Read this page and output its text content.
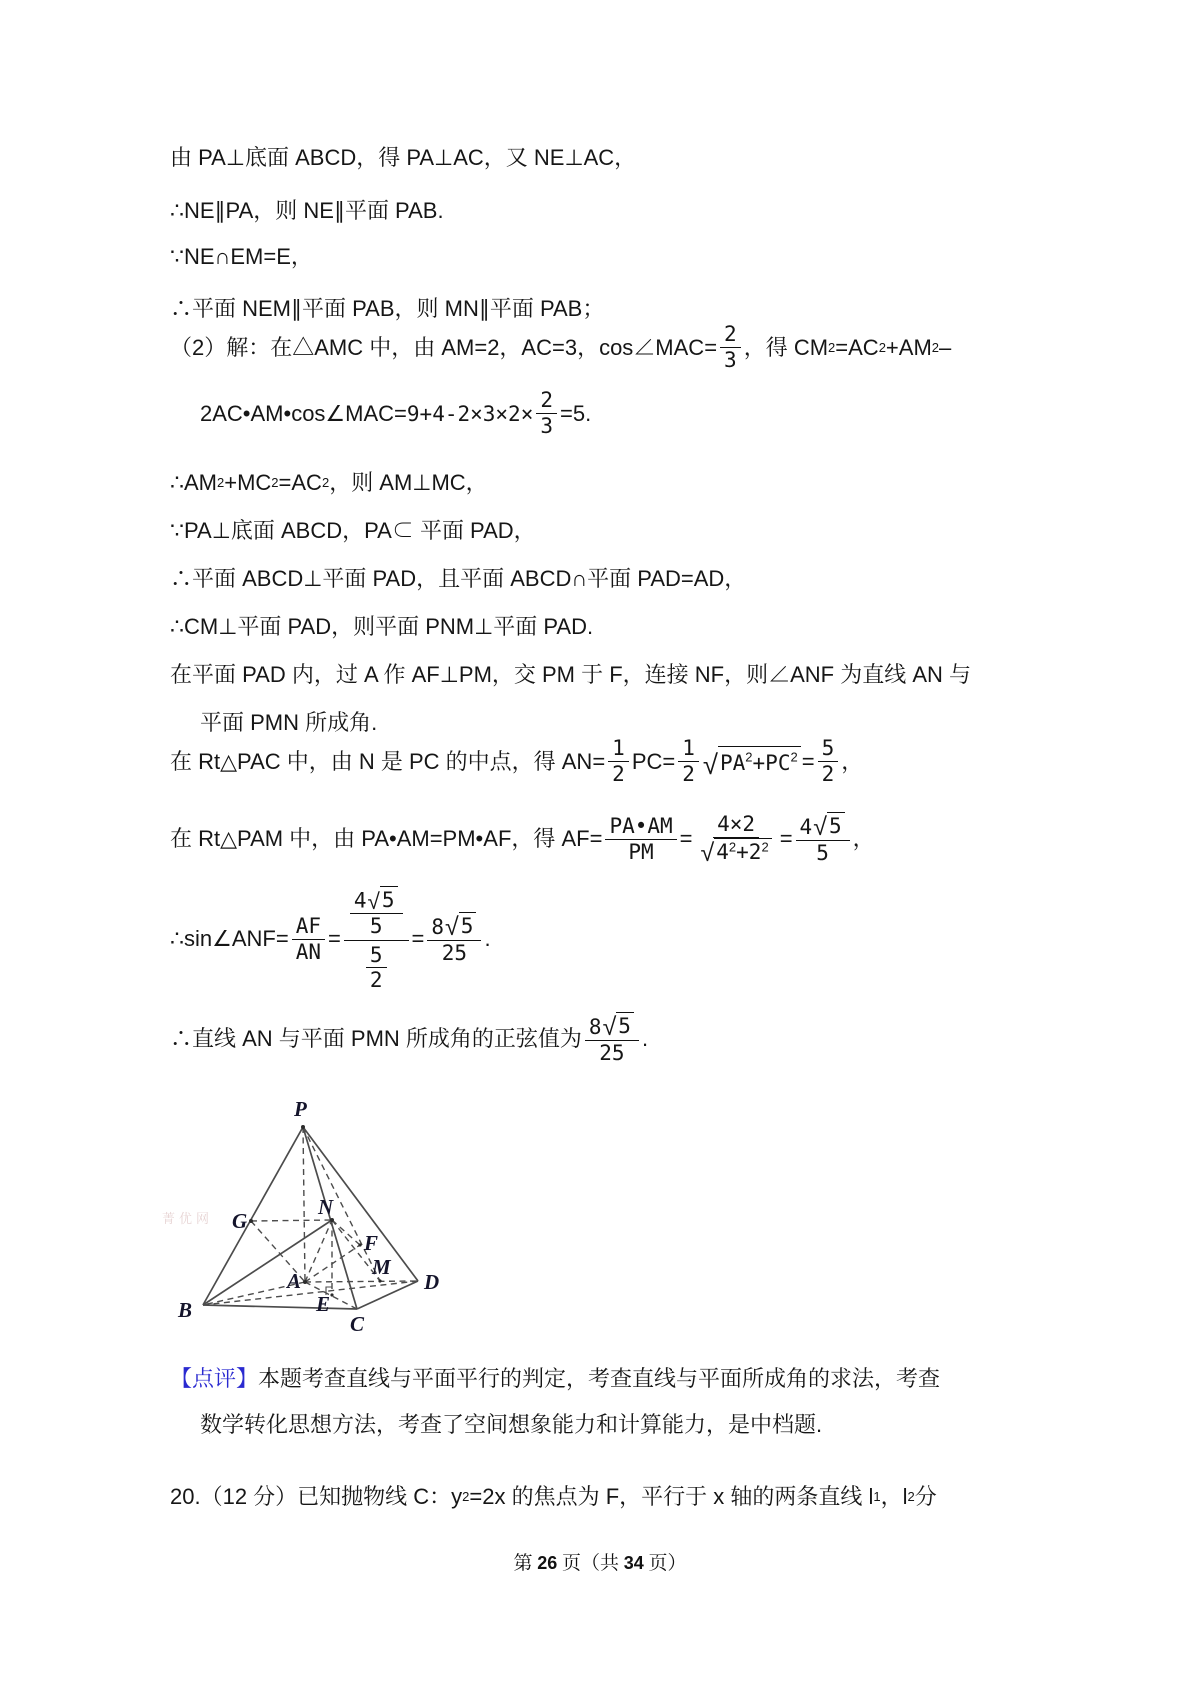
由 PA⊥底面 ABCD，得 PA⊥AC，又 NE⊥AC，
∴NE∥PA，则 NE∥平面 PAB.
∵NE∩EM=E，
∴平面 NEM∥平面 PAB，则 MN∥平面 PAB；
（2）解：在△AMC 中，由 AM=2，AC=3，cos∠MAC= $\frac{2}{3}$ ，得 CM 2 =AC 2 +AM 2 –
2AC•AM•cos∠MAC= $9+4-2\times 3\times 2\times \frac{2}{3} =5$.
∴AM 2 +MC 2 =AC 2 ，则 AM⊥MC，
∵PA⊥底面 ABCD，PA⊂ 平面 PAD，
∴平面 ABCD⊥平面 PAD，且平面 ABCD∩平面 PAD=AD，
∴CM⊥平面 PAD，则平面 PNM⊥平面 PAD.
在平面 PAD 内，过 A 作 AF⊥PM，交 PM 于 F，连接 NF，则∠ANF 为直线 AN 与
平面 PMN 所成角.
在 Rt△PAC 中，由 N 是 PC 的中点，得 $AN= \frac{1}{2} PC= \frac{1}{2}$ √ $PA^2+PC^2 = \frac{5}{2}$ ，
在 Rt△PAM 中，由 PA•AM=PM•AF，得 $AF= \frac{PA•AM}{PM} = \frac{4\times 2}{√ 4^2+2^2} = \frac{4 √ 5}{5}$ ，
∴sin∠ANF= $\frac{AF}{AN} = \frac{\frac{4 √ 5}{5}}{\frac{5}{2}} = \frac{8 √ 5}{25}$ .
∴直线 AN 与平面 PMN 所成角的正弦值为 $\frac{8 √ 5}{25}$ .
【点评】 本题考查直线与平面平行的判定，考查直线与平面所成角的求法，考查
数学转化思想方法，考查了空间想象能力和计算能力，是中档题.
20.（12 分）已知抛物线 C：y 2 =2x 的焦点为 F，平行于 x 轴的两条直线 l 1 ，l 2 分
菁优网
P
G
N
F
A
M
D
E
B
C
第 26 页（共 34 页）
